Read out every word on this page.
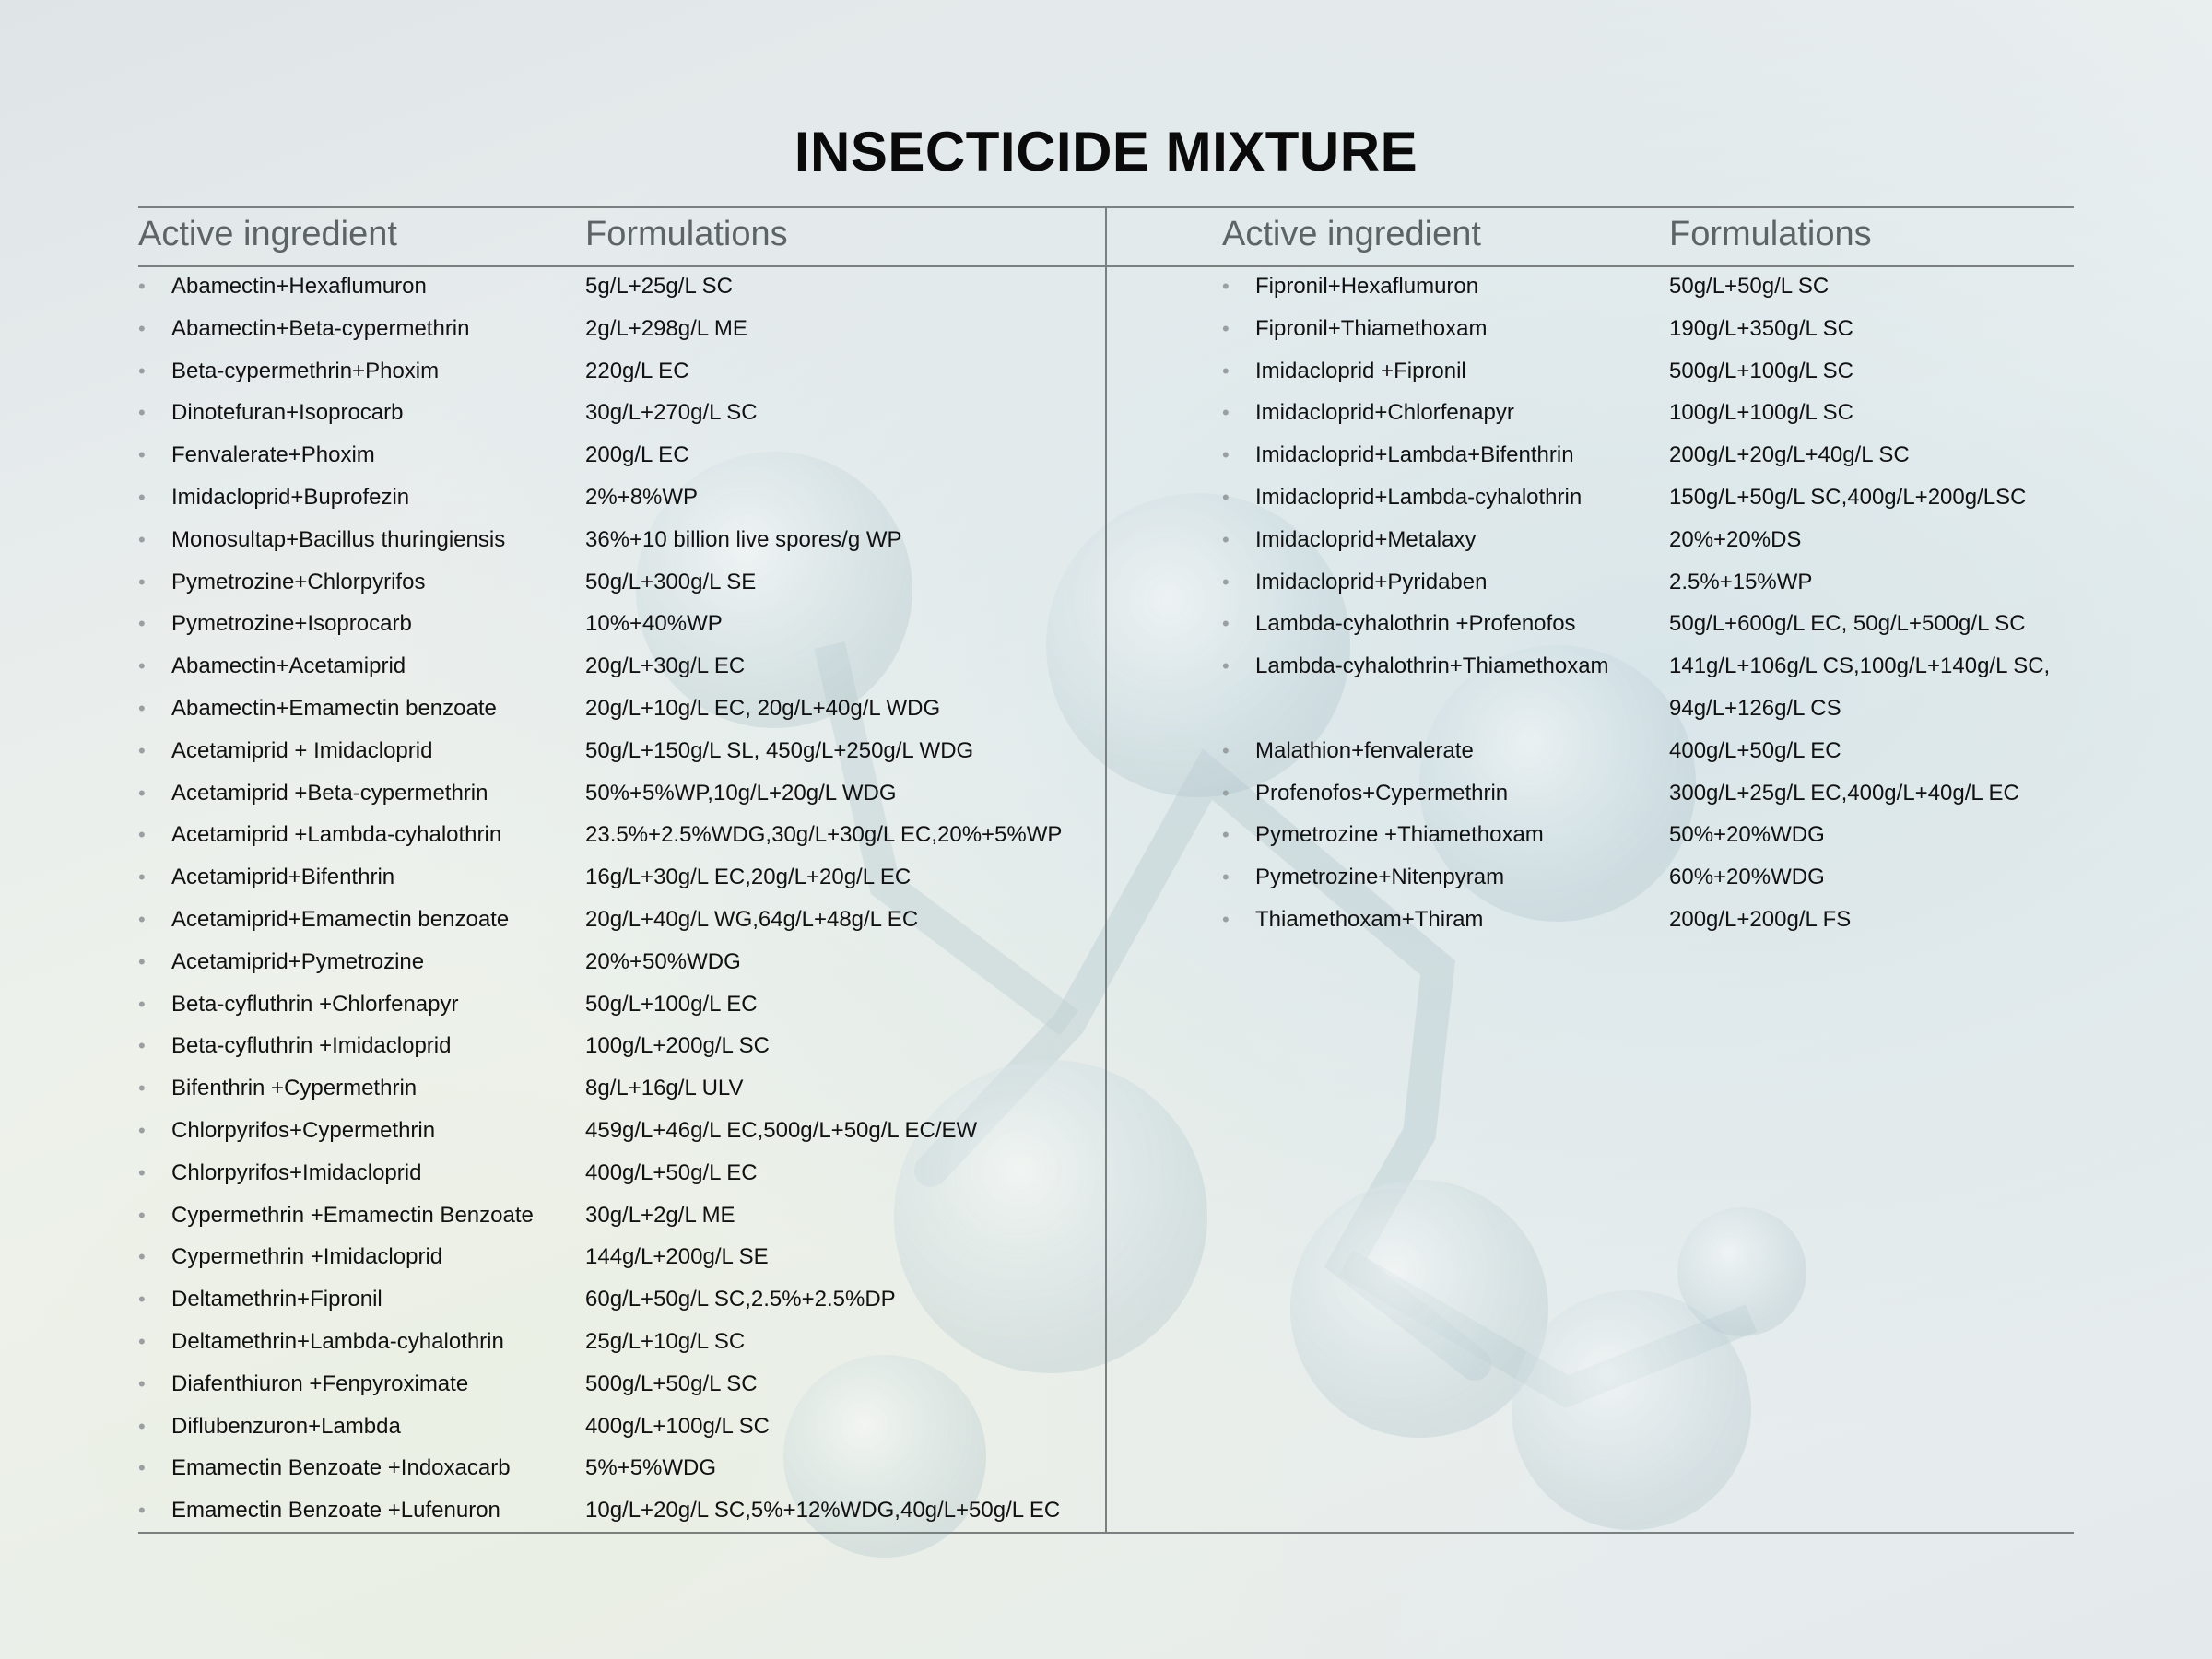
INSECTICIDE MIXTURE
Active ingredient	Formulations	Active ingredient	Formulations
• Abamectin+Hexaflumuron	5g/L+25g/L SC
• Abamectin+Beta-cypermethrin	2g/L+298g/L ME
• Beta-cypermethrin+Phoxim	220g/L EC
• Dinotefuran+Isoprocarb	30g/L+270g/L SC
• Fenvalerate+Phoxim	200g/L EC
• Imidacloprid+Buprofezin	2%+8%WP
• Monosultap+Bacillus thuringiensis	36%+10 billion live spores/g WP
• Pymetrozine+Chlorpyrifos	50g/L+300g/L SE
• Pymetrozine+Isoprocarb	10%+40%WP
• Abamectin+Acetamiprid	20g/L+30g/L EC
• Abamectin+Emamectin benzoate	20g/L+10g/L EC, 20g/L+40g/L WDG
• Acetamiprid + Imidacloprid	50g/L+150g/L SL, 450g/L+250g/L WDG
• Acetamiprid +Beta-cypermethrin	50%+5%WP,10g/L+20g/L WDG
• Acetamiprid +Lambda-cyhalothrin	23.5%+2.5%WDG,30g/L+30g/L EC,20%+5%WP
• Acetamiprid+Bifenthrin	16g/L+30g/L EC,20g/L+20g/L EC
• Acetamiprid+Emamectin benzoate	20g/L+40g/L WG,64g/L+48g/L EC
• Acetamiprid+Pymetrozine	20%+50%WDG
• Beta-cyfluthrin +Chlorfenapyr	50g/L+100g/L EC
• Beta-cyfluthrin +Imidacloprid	100g/L+200g/L SC
• Bifenthrin +Cypermethrin	8g/L+16g/L ULV
• Chlorpyrifos+Cypermethrin	459g/L+46g/L EC,500g/L+50g/L EC/EW
• Chlorpyrifos+Imidacloprid	400g/L+50g/L EC
• Cypermethrin +Emamectin Benzoate 30g/L+2g/L ME
• Cypermethrin +Imidacloprid	144g/L+200g/L SE
• Deltamethrin+Fipronil	60g/L+50g/L SC,2.5%+2.5%DP
• Deltamethrin+Lambda-cyhalothrin	25g/L+10g/L SC
• Diafenthiuron +Fenpyroximate	500g/L+50g/L SC
• Diflubenzuron+Lambda	400g/L+100g/L SC
• Emamectin Benzoate +Indoxacarb	5%+5%WDG
• Emamectin Benzoate +Lufenuron	10g/L+20g/L SC,5%+12%WDG,40g/L+50g/L EC
• Fipronil+Hexaflumuron	50g/L+50g/L SC
• Fipronil+Thiamethoxam	190g/L+350g/L SC
• Imidacloprid +Fipronil	500g/L+100g/L SC
• Imidacloprid+Chlorfenapyr	100g/L+100g/L SC
• Imidacloprid+Lambda+Bifenthrin	200g/L+20g/L+40g/L SC
• Imidacloprid+Lambda-cyhalothrin	150g/L+50g/L SC,400g/L+200g/LSC
• Imidacloprid+Metalaxy	20%+20%DS
• Imidacloprid+Pyridaben	2.5%+15%WP
• Lambda-cyhalothrin +Profenofos	50g/L+600g/L EC, 50g/L+500g/L SC
• Lambda-cyhalothrin+Thiamethoxam	141g/L+106g/L CS,100g/L+140g/L SC,
94g/L+126g/L CS
• Malathion+fenvalerate	400g/L+50g/L EC
• Profenofos+Cypermethrin	300g/L+25g/L EC,400g/L+40g/L EC
• Pymetrozine +Thiamethoxam	50%+20%WDG
• Pymetrozine+Nitenpyram	60%+20%WDG
• Thiamethoxam+Thiram	200g/L+200g/L FS
